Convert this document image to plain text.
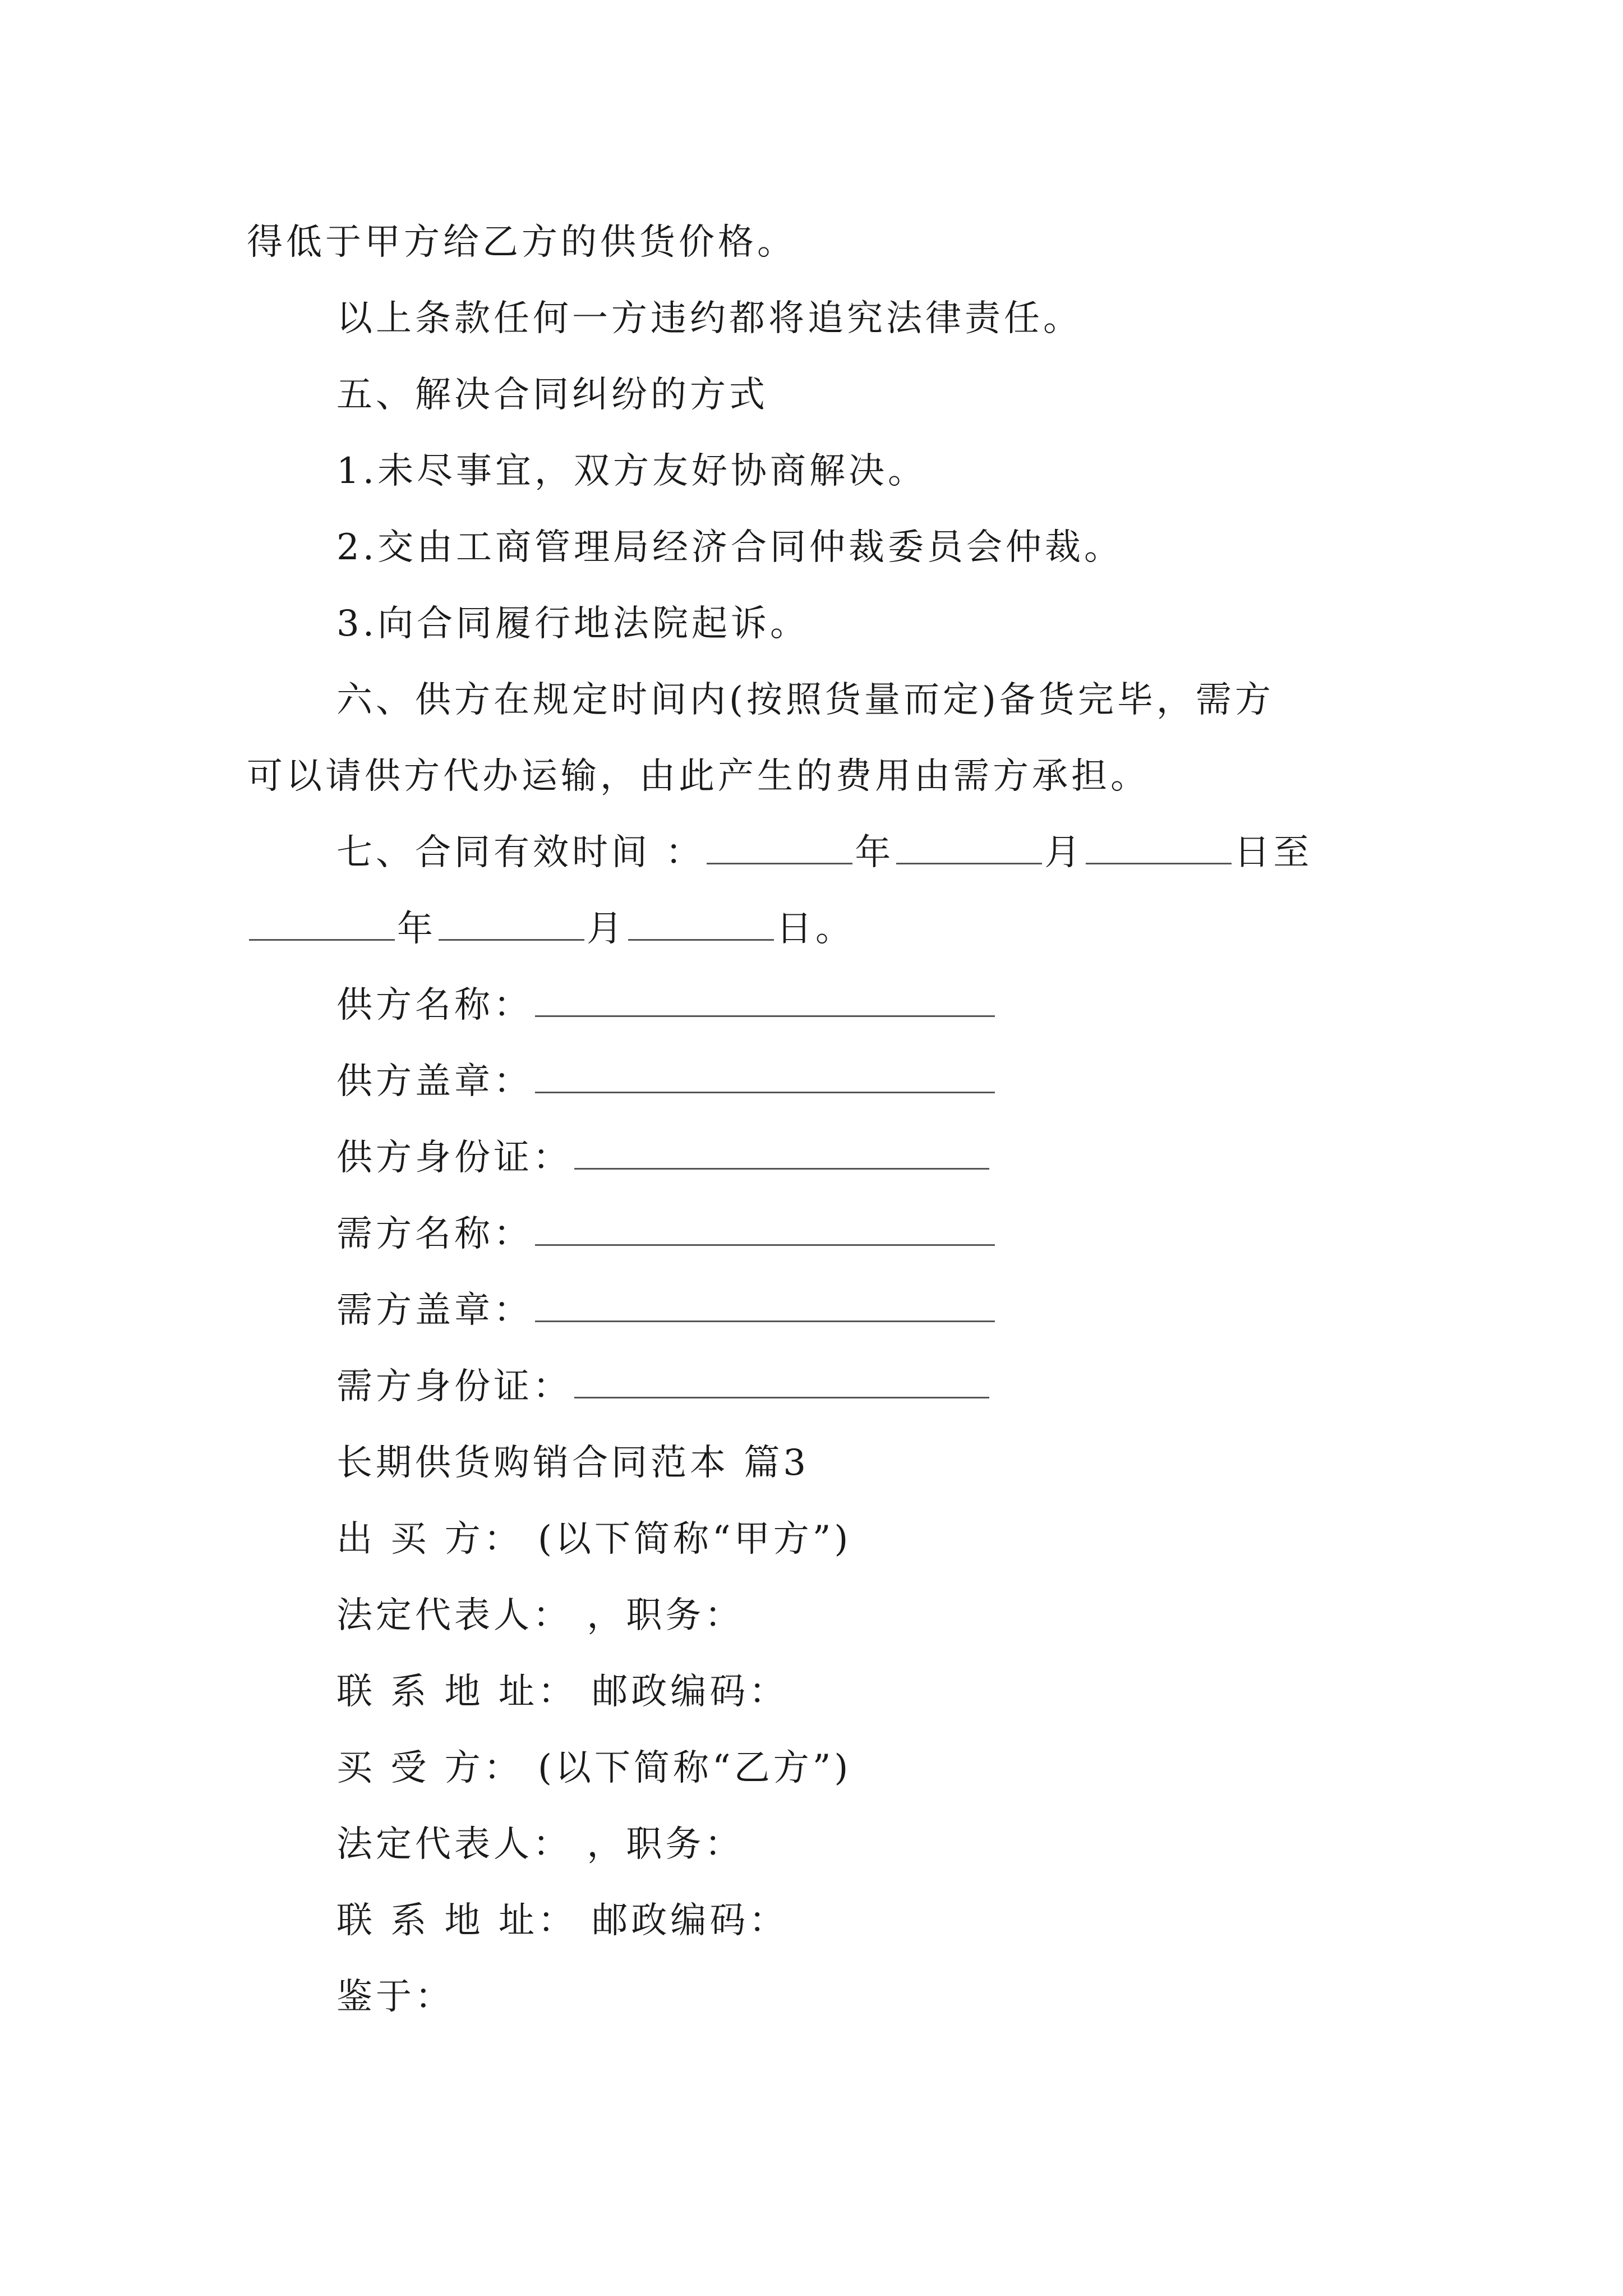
得低于甲方给乙方的供货价格。
以上条款任何一方违约都将追究法律责任。
五、解决合同纠纷的方式
1.未尽事宜，双方友好协商解决。
2.交由工商管理局经济合同仲裁委员会仲裁。
3.向合同履行地法院起诉。
六、供方在规定时间内(按照货量而定)备货完毕，需方
可以请供方代办运输，由此产生的费用由需方承担。
七、合同有效时间 ：	年	月	日至
年	月	日。
供方名称：
供方盖章：
供方身份证：
需方名称：
需方盖章：
需方身份证：
长期供货购销合同范本 篇3
出 买 方： (以下简称“甲方”)
法定代表人： ，职务：
联 系 地 址： 邮政编码：
买 受 方： (以下简称“乙方”)
法定代表人： ，职务：
联 系 地 址： 邮政编码：
鉴于：
